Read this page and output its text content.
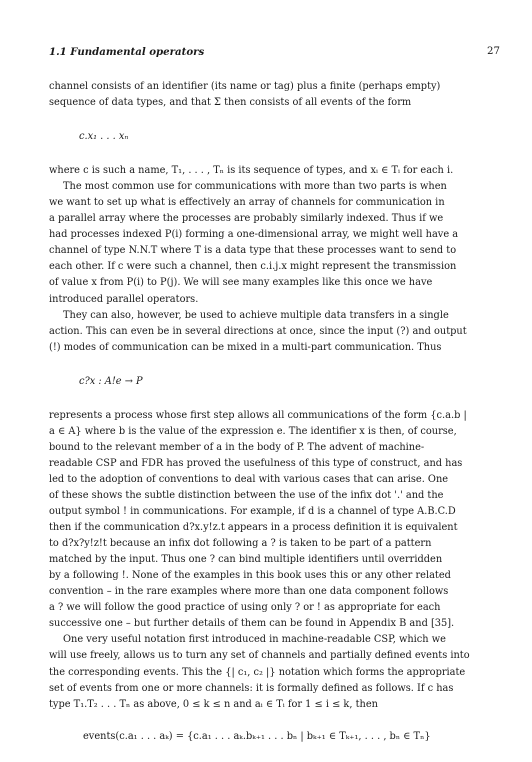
1.1 Fundamental operators	27
channel consists of an identifier (its name or tag) plus a finite (perhaps empty)
sequence of data types, and that Σ then consists of all events of the form
c.x₁ . . . xₙ
where c is such a name, T₁, . . . , Tₙ is its sequence of types, and xᵢ ∈ Tᵢ for each i.
The most common use for communications with more than two parts is when
we want to set up what is effectively an array of channels for communication in
a parallel array where the processes are probably similarly indexed. Thus if we
had processes indexed P(i) forming a one-dimensional array, we might well have a
channel of type N.N.T where T is a data type that these processes want to send to
each other. If c were such a channel, then c.i.j.x might represent the transmission
of value x from P(i) to P(j). We will see many examples like this once we have
introduced parallel operators.
They can also, however, be used to achieve multiple data transfers in a single
action. This can even be in several directions at once, since the input (?) and output
(!) modes of communication can be mixed in a multi-part communication. Thus
c?x : A!e → P
represents a process whose first step allows all communications of the form {c.a.b |
a ∈ A} where b is the value of the expression e. The identifier x is then, of course,
bound to the relevant member of a in the body of P. The advent of machine-
readable CSP and FDR has proved the usefulness of this type of construct, and has
led to the adoption of conventions to deal with various cases that can arise. One
of these shows the subtle distinction between the use of the infix dot '.' and the
output symbol ! in communications. For example, if d is a channel of type A.B.C.D
then if the communication d?x.y!z.t appears in a process definition it is equivalent
to d?x?y!z!t because an infix dot following a ? is taken to be part of a pattern
matched by the input. Thus one ? can bind multiple identifiers until overridden
by a following !. None of the examples in this book uses this or any other related
convention – in the rare examples where more than one data component follows
a ? we will follow the good practice of using only ? or ! as appropriate for each
successive one – but further details of them can be found in Appendix B and [35].
One very useful notation first introduced in machine-readable CSP, which we
will use freely, allows us to turn any set of channels and partially defined events into
the corresponding events. This the {| c₁, c₂ |} notation which forms the appropriate
set of events from one or more channels: it is formally defined as follows. If c has
type T₁.T₂ . . . Tₙ as above, 0 ≤ k ≤ n and aᵢ ∈ Tᵢ for 1 ≤ i ≤ k, then
events(c.a₁ . . . aₖ) = {c.a₁ . . . aₖ.bₖ₊₁ . . . bₙ | bₖ₊₁ ∈ Tₖ₊₁, . . . , bₙ ∈ Tₙ}
